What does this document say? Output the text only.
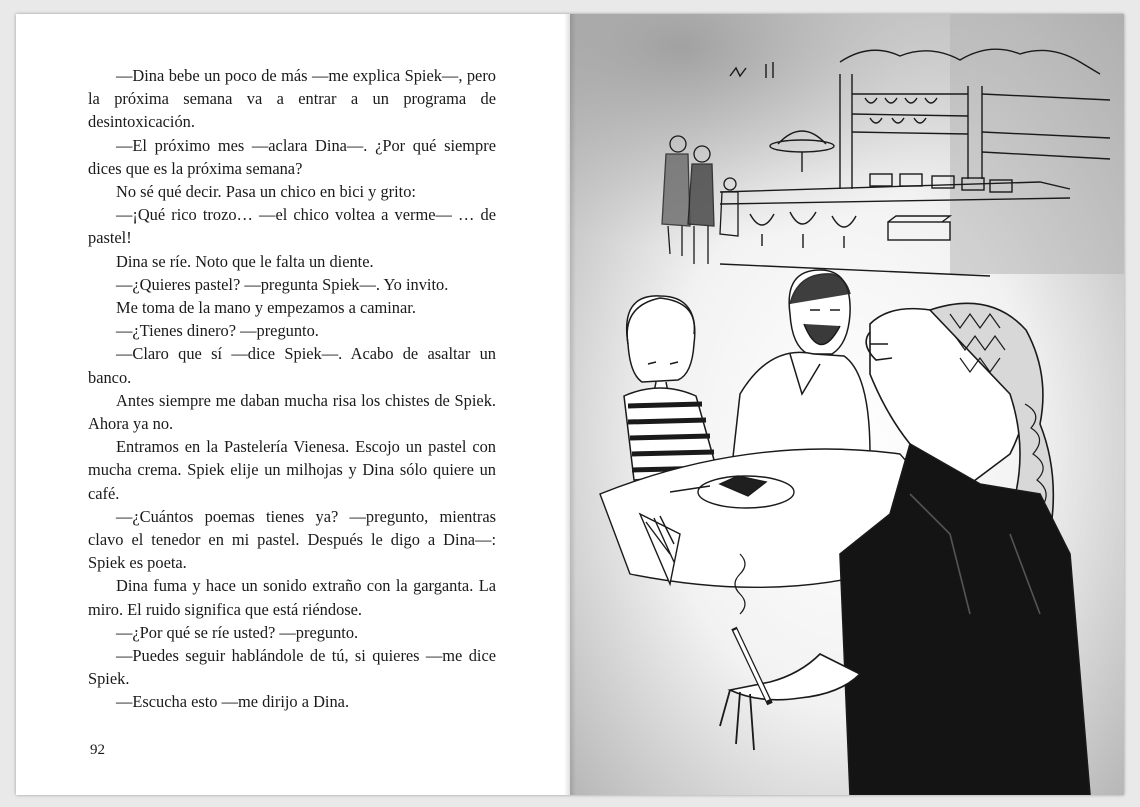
—Dina bebe un poco de más —me explica Spiek—, pero la próxima semana va a entrar a un programa de desintoxicación.

—El próximo mes —aclara Dina—. ¿Por qué siempre dices que es la próxima semana?

No sé qué decir. Pasa un chico en bici y grito:

—¡Qué rico trozo… —el chico voltea a verme— … de pastel!

Dina se ríe. Noto que le falta un diente.

—¿Quieres pastel? —pregunta Spiek—. Yo invito.

Me toma de la mano y empezamos a caminar.

—¿Tienes dinero? —pregunto.

—Claro que sí —dice Spiek—. Acabo de asaltar un banco.

Antes siempre me daban mucha risa los chistes de Spiek. Ahora ya no.

Entramos en la Pastelería Vienesa. Escojo un pastel con mucha crema. Spiek elije un milhojas y Dina sólo quiere un café.

—¿Cuántos poemas tienes ya? —pregunto, mientras clavo el tenedor en mi pastel. Después le digo a Dina—: Spiek es poeta.

Dina fuma y hace un sonido extraño con la garganta. La miro. El ruido significa que está riéndose.

—¿Por qué se ríe usted? —pregunto.

—Puedes seguir hablándole de tú, si quieres —me dice Spiek.

—Escucha esto —me dirijo a Dina.

92
